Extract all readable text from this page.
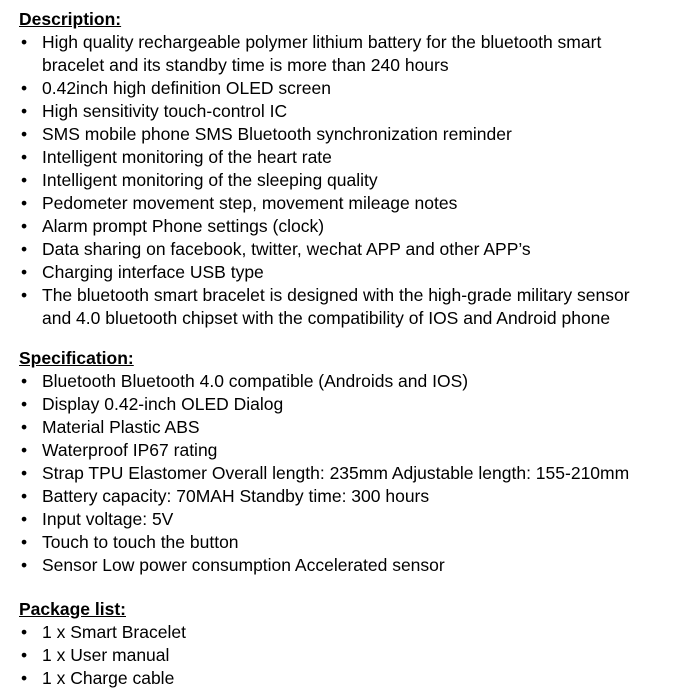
Description:
• High quality rechargeable polymer lithium battery for the bluetooth smart
bracelet and its standby time is more than 240 hours
• 0.42inch high definition OLED screen
• High sensitivity touch-control IC
• SMS mobile phone SMS Bluetooth synchronization reminder
• Intelligent monitoring of the heart rate
• Intelligent monitoring of the sleeping quality
• Pedometer movement step, movement mileage notes
• Alarm prompt Phone settings (clock)
• Data sharing on facebook, twitter, wechat APP and other APP’s
• Charging interface USB type
• The bluetooth smart bracelet is designed with the high-grade military sensor
and 4.0 bluetooth chipset with the compatibility of IOS and Android phone
Specification:
• Bluetooth Bluetooth 4.0 compatible (Androids and IOS)
• Display 0.42-inch OLED Dialog
• Material Plastic ABS
• Waterproof IP67 rating
• Strap TPU Elastomer Overall length: 235mm Adjustable length: 155-210mm
• Battery capacity: 70MAH Standby time: 300 hours
• Input voltage: 5V
• Touch to touch the button
• Sensor Low power consumption Accelerated sensor
Package list:
• 1 x Smart Bracelet
• 1 x User manual
• 1 x Charge cable
